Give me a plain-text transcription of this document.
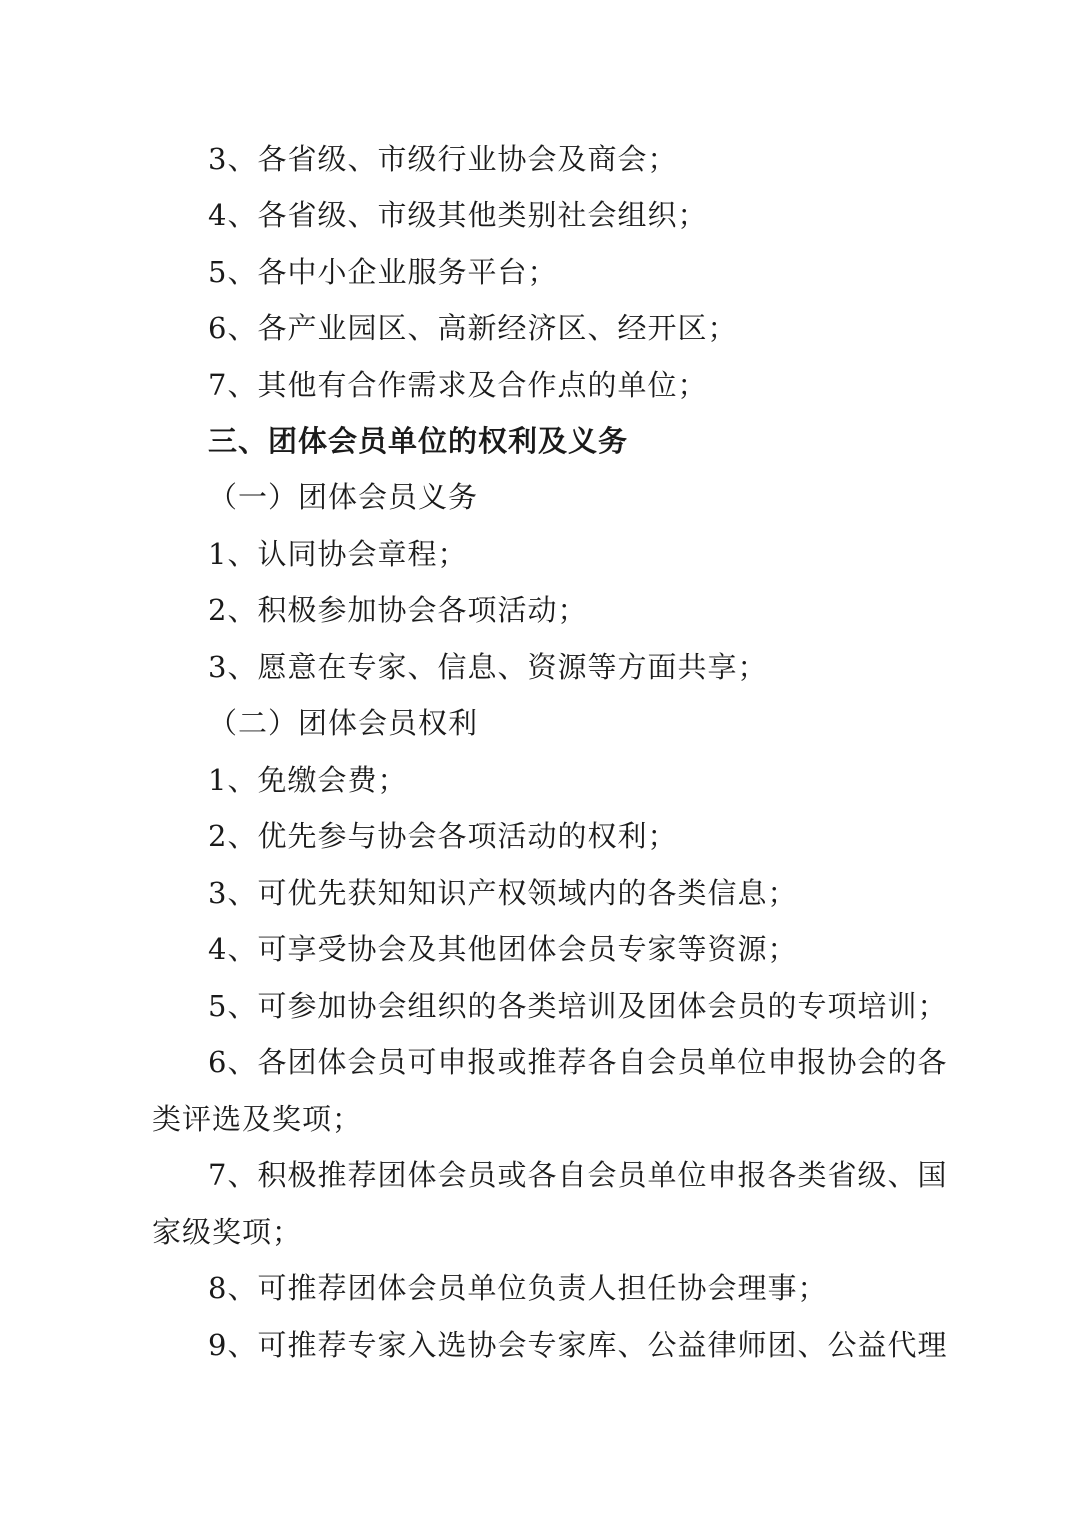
3、各省级、市级行业协会及商会；
4、各省级、市级其他类别社会组织；
5、各中小企业服务平台；
6、各产业园区、高新经济区、经开区；
7、其他有合作需求及合作点的单位；
三、团体会员单位的权利及义务
（一）团体会员义务
1、认同协会章程；
2、积极参加协会各项活动；
3、愿意在专家、信息、资源等方面共享；
（二）团体会员权利
1、免缴会费；
2、优先参与协会各项活动的权利；
3、可优先获知知识产权领域内的各类信息；
4、可享受协会及其他团体会员专家等资源；
5、可参加协会组织的各类培训及团体会员的专项培训；
6、各团体会员可申报或推荐各自会员单位申报协会的各
类评选及奖项；
7、积极推荐团体会员或各自会员单位申报各类省级、国
家级奖项；
8、可推荐团体会员单位负责人担任协会理事；
9、可推荐专家入选协会专家库、公益律师团、公益代理
